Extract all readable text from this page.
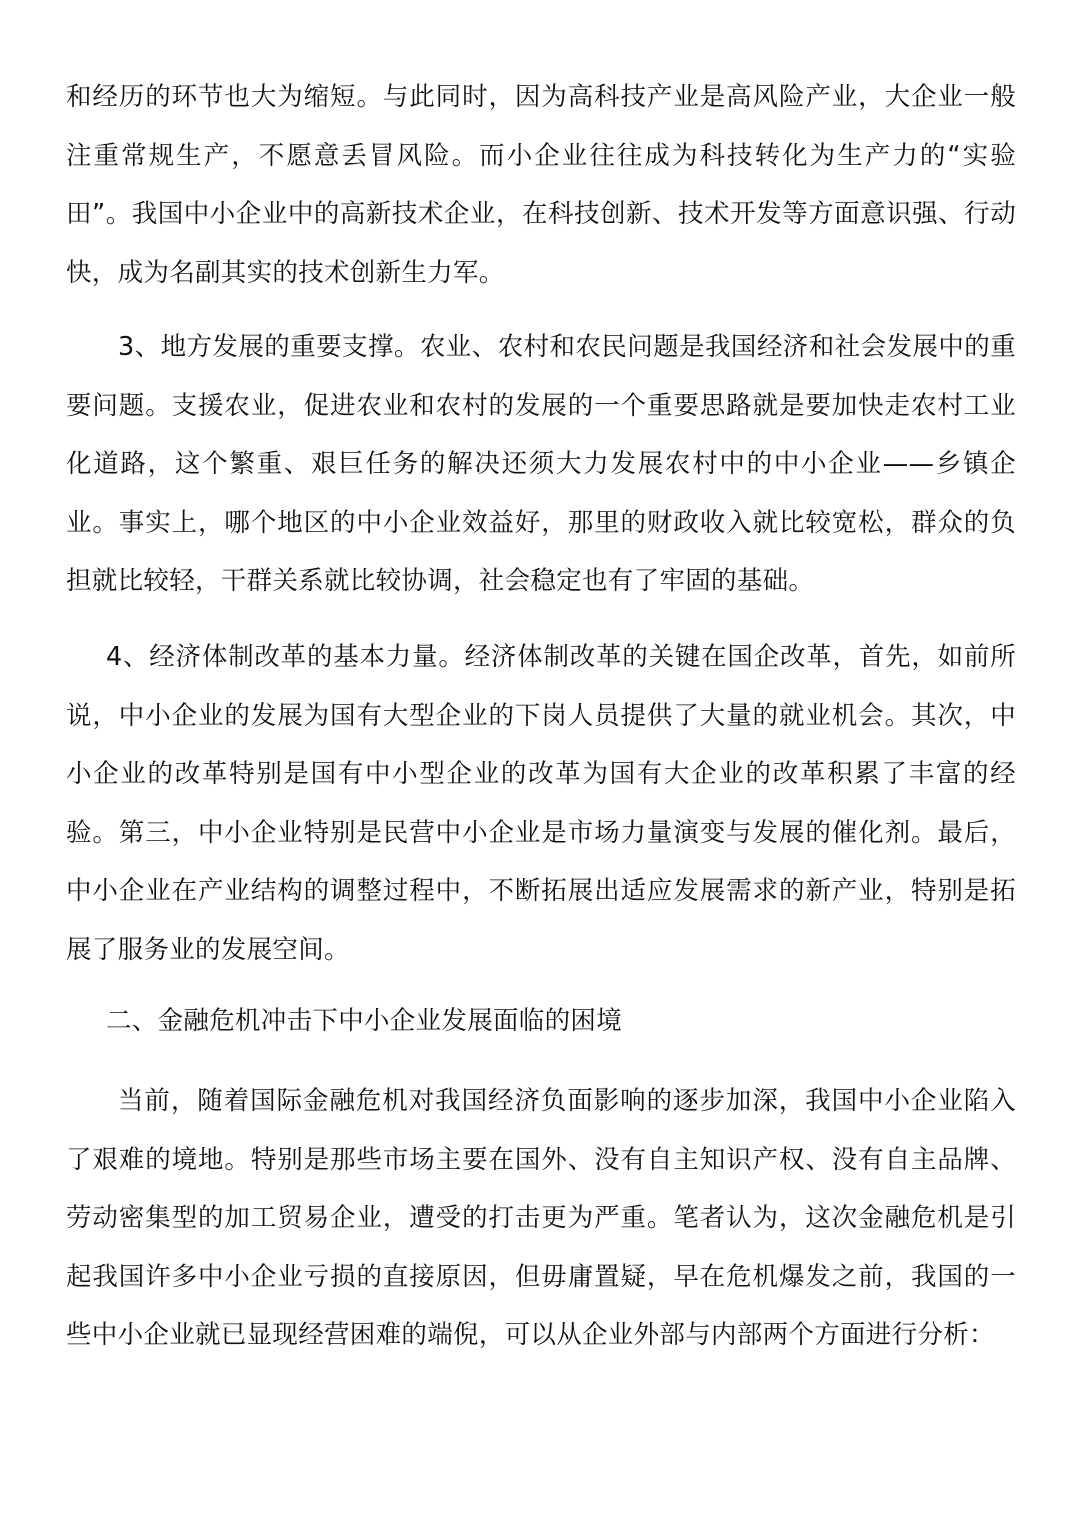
和经历的环节也大为缩短。与此同时，因为高科技产业是高风险产业，大企业一般注重常规生产，不愿意丢冒风险。而小企业往往成为科技转化为生产力的“实验田”。我国中小企业中的高新技术企业，在科技创新、技术开发等方面意识强、行动快，成为名副其实的技术创新生力军。

3、地方发展的重要支撑。农业、农村和农民问题是我国经济和社会发展中的重要问题。支援农业，促进农业和农村的发展的一个重要思路就是要加快走农村工业化道路，这个繁重、艰巨任务的解决还须大力发展农村中的中小企业——乡镇企业。事实上，哪个地区的中小企业效益好，那里的财政收入就比较宽松，群众的负担就比较轻，干群关系就比较协调，社会稳定也有了牢固的基础。

4、经济体制改革的基本力量。经济体制改革的关键在国企改革，首先，如前所说，中小企业的发展为国有大型企业的下岗人员提供了大量的就业机会。其次，中小企业的改革特别是国有中小型企业的改革为国有大企业的改革积累了丰富的经验。第三，中小企业特别是民营中小企业是市场力量演变与发展的催化剂。最后，中小企业在产业结构的调整过程中，不断拓展出适应发展需求的新产业，特别是拓展了服务业的发展空间。

二、金融危机冲击下中小企业发展面临的困境

当前，随着国际金融危机对我国经济负面影响的逐步加深，我国中小企业陷入了艰难的境地。特别是那些市场主要在国外、没有自主知识产权、没有自主品牌、劳动密集型的加工贸易企业，遭受的打击更为严重。笔者认为，这次金融危机是引起我国许多中小企业亏损的直接原因，但毋庸置疑，早在危机爆发之前，我国的一些中小企业就已显现经营困难的端倪，可以从企业外部与内部两个方面进行分析：
